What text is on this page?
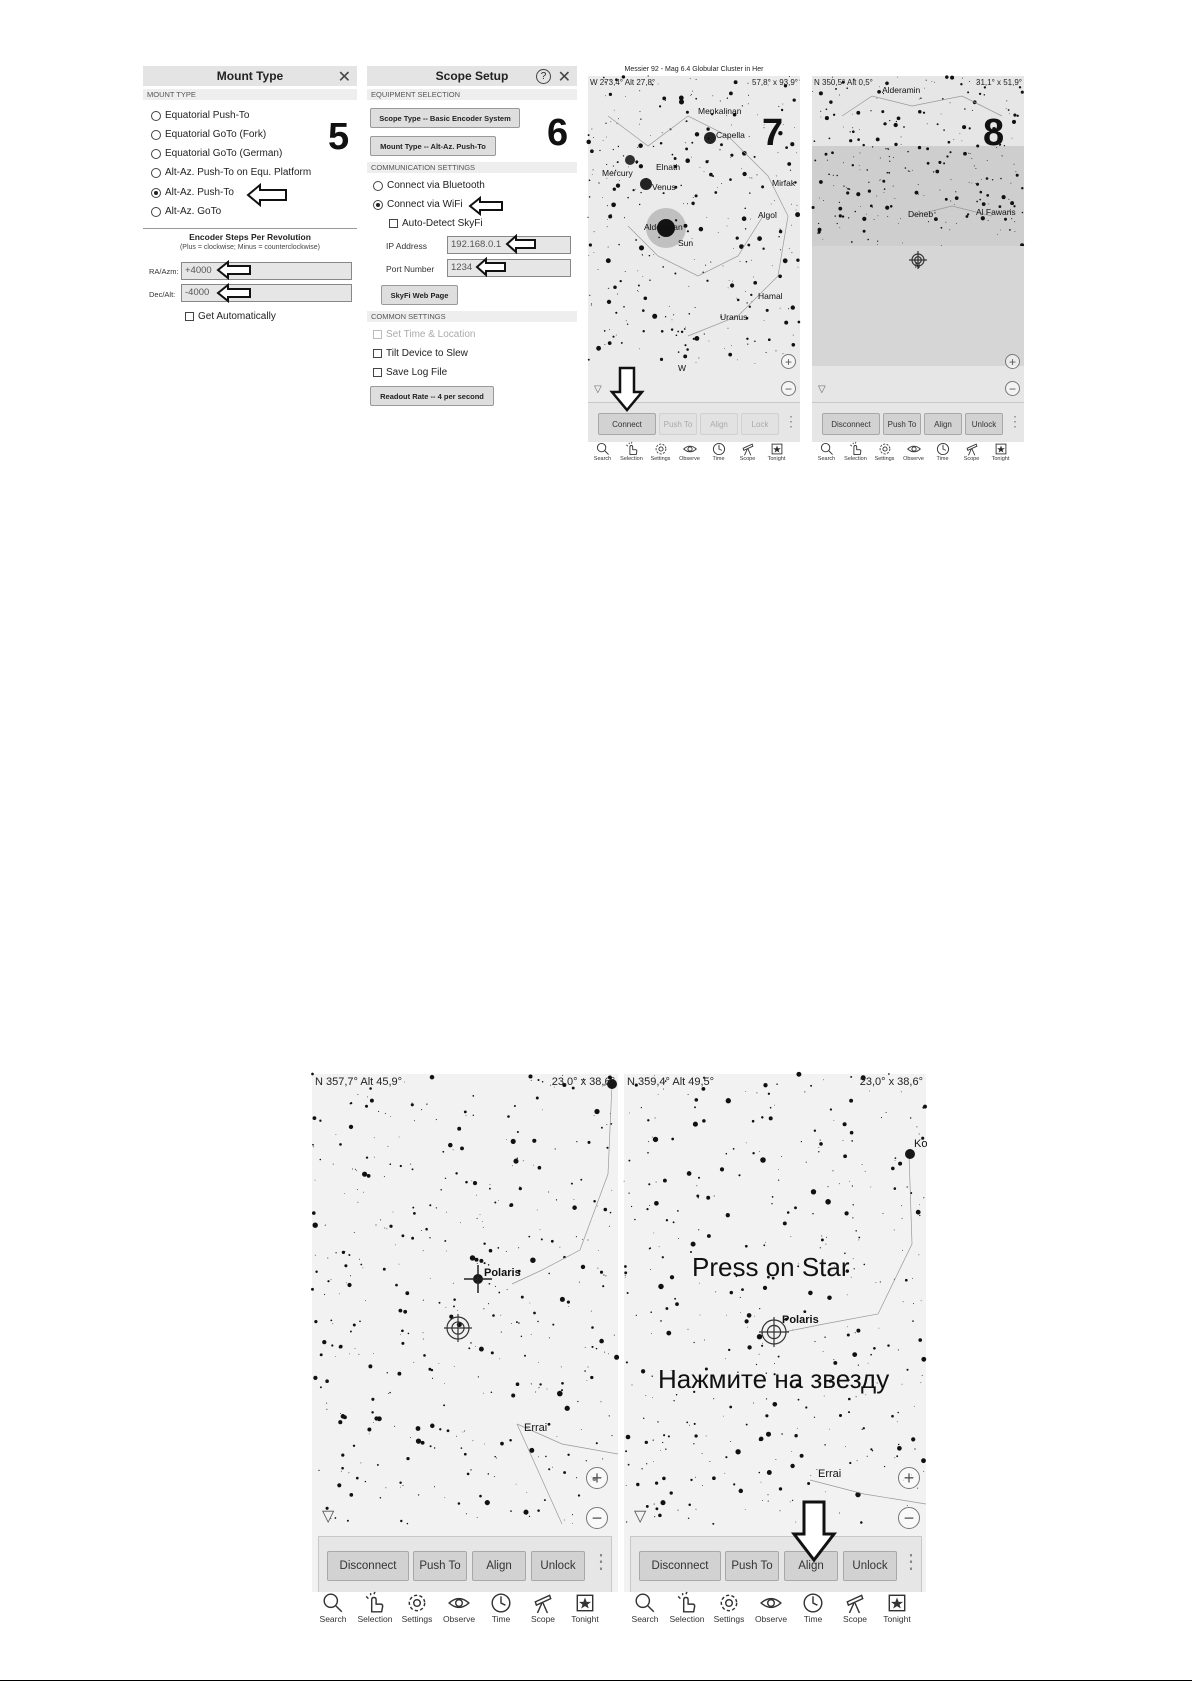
Mount Type	✕
MOUNT TYPE
Equatorial Push-To
Equatorial GoTo (Fork)
Equatorial GoTo (German)
Alt-Az. Push-To on Equ. Platform
Alt-Az. Push-To
Alt-Az. GoTo
Encoder Steps Per Revolution
(Plus = clockwise; Minus = counterclockwise)
RA/Azm: +4000
Dec/Alt:	-4000
Get Automatically
5
Scope Setup	? ✕
EQUIPMENT SELECTION
Scope Type -- Basic Encoder System
Mount Type -- Alt-Az. Push-To
COMMUNICATION SETTINGS
Connect via Bluetooth
Connect via WiFi
Auto-Detect SkyFi
IP Address	192.168.0.1
Port Number	1234
SkyFi Web Page
COMMON SETTINGS
Set Time & Location
Tilt Device to Slew
Save Log File
Readout Rate -- 4 per second
6
Messier 92 - Mag 6.4 Globular Cluster in Her
W 273,4° Alt 27,8°	57,8° x 93,9°
Menkalinan
Capella
Mercury
Elnath
Venus	Mirfak
Algol
Aldebaran
Sun
Hamal
Uranus
W	+
−
▽
Connect	Push To	Align	Lock	⋮
Search	Selection	Settings	Observe	Time	Scope	Tonight
7
N 350,5° Alt 0,5°	31,1° x 51,9°
Alderamin
Deneb	Al Fawaris
N
+
−
▽
Disconnect	Push To	Align	Unlock ⋮
Search	Selection	Settings	Observe	Time	Scope	Tonight
8
N 357,7° Alt 45,9°	23,0° x 38,6°
Polaris
Errai
+
−
▽
Disconnect	Push To	Align	Unlock ⋮
Search	Selection	Settings	Observe	Time	Scope	Tonight
N 359,4° Alt 49,5°	23,0° x 38,6°
Polaris
Errai
Ko
Press on Star
Нажмите на звезду
+
−
▽
Disconnect	Push To	Align	Unlock ⋮
Search	Selection	Settings	Observe	Time	Scope	Tonight
